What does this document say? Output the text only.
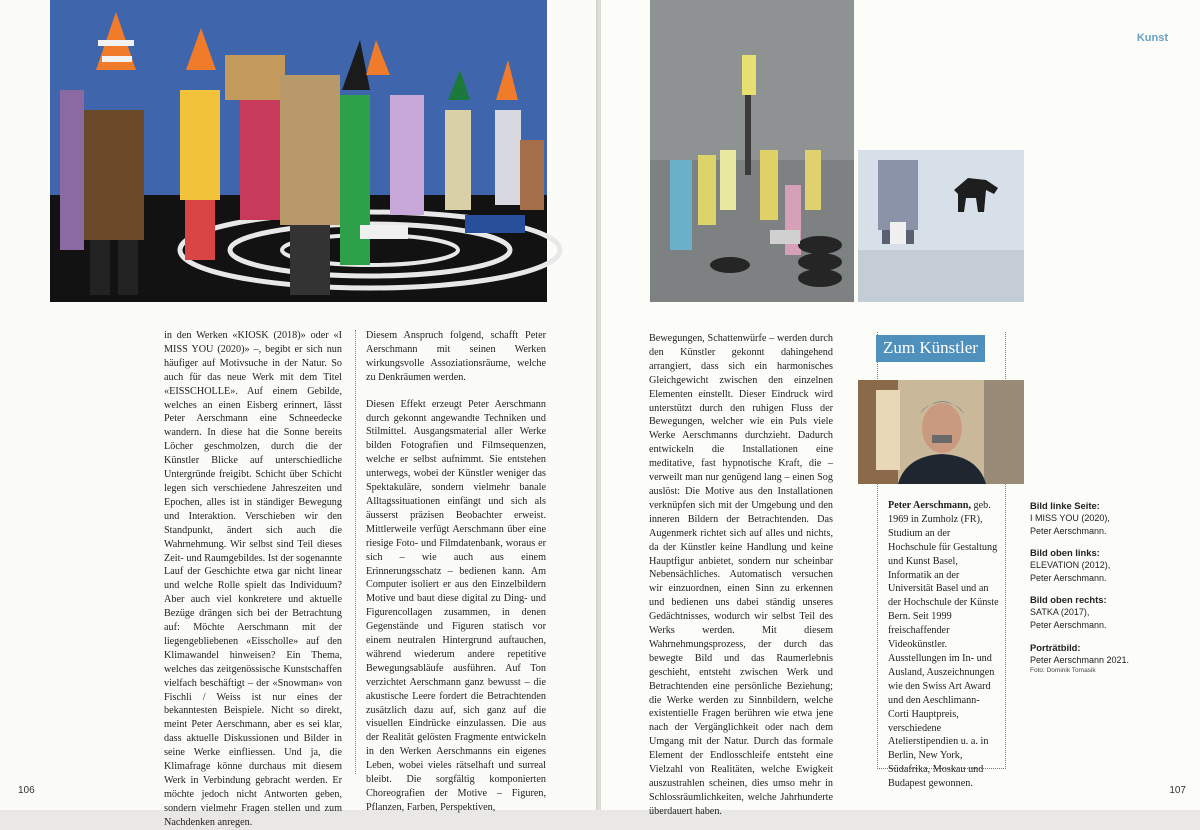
in den Werken «KIOSK (2018)» oder «I MISS YOU (2020)» –, begibt er sich nun häufiger auf Motivsuche in der Natur. So auch für das neue Werk mit dem Titel «EISSCHOLLE». Auf einem Gebilde, welches an einen Eisberg erinnert, lässt Peter Aerschmann eine Schneedecke wandern. In diese hat die Sonne bereits Löcher geschmolzen, durch die der Künstler Blicke auf unterschiedliche Untergründe freigibt. Schicht über Schicht legen sich verschiedene Jahreszeiten und Epochen, alles ist in ständiger Bewegung und Interaktion. Verschieben wir den Standpunkt, ändert sich auch die Wahrnehmung. Wir selbst sind Teil dieses Zeit- und Raumgebildes. Ist der sogenannte Lauf der Geschichte etwa gar nicht linear und welche Rolle spielt das Individuum? Aber auch viel konkretere und aktuelle Bezüge drängen sich bei der Betrachtung auf: Möchte Aerschmann mit der liegengebliebenen «Eisscholle» auf den Klimawandel hinweisen? Ein Thema, welches das zeitgenössische Kunstschaffen vielfach beschäftigt – der «Snowman» von Fischli / Weiss ist nur eines der bekanntesten Beispiele. Nicht so direkt, meint Peter Aerschmann, aber es sei klar, dass aktuelle Diskussionen und Bilder in seine Werke einfliessen. Und ja, die Klimafrage könne durchaus mit diesem Werk in Verbindung gebracht werden. Er möchte jedoch nicht Antworten geben, sondern vielmehr Fragen stellen und zum Nachdenken anregen.

Diesem Anspruch folgend, schafft Peter Aerschmann mit seinen Werken wirkungsvolle Assoziationsräume, welche zu Denkräumen werden.

Diesen Effekt erzeugt Peter Aerschmann durch gekonnt angewandte Techniken und Stilmittel. Ausgangsmaterial aller Werke bilden Fotografien und Filmsequenzen, welche er selbst aufnimmt. Sie entstehen unterwegs, wobei der Künstler weniger das Spektakuläre, sondern vielmehr banale Alltagssituationen einfängt und sich als äusserst präzisen Beobachter erweist. Mittlerweile verfügt Aerschmann über eine riesige Foto- und Filmdatenbank, woraus er sich – wie auch aus einem Erinnerungsschatz – bedienen kann. Am Computer isoliert er aus den Einzelbildern Motive und baut diese digital zu Ding- und Figurencollagen zusammen, in denen Gegenstände und Figuren statisch vor einem neutralen Hintergrund auftauchen, während wiederum andere repetitive Bewegungsabläufe ausführen. Auf Ton verzichtet Aerschmann ganz bewusst – die akustische Leere fordert die Betrachtenden zusätzlich dazu auf, sich ganz auf die visuellen Eindrücke einzulassen. Die aus der Realität gelösten Fragmente entwickeln in den Werken Aerschmanns ein eigenes Leben, wobei vieles rätselhaft und surreal bleibt. Die sorgfältig komponierten Choreografien der Motive – Figuren, Pflanzen, Farben, Perspektiven,

106
Kunst

Bewegungen, Schattenwürfe – werden durch den Künstler gekonnt dahingehend arrangiert, dass sich ein harmonisches Gleichgewicht zwischen den einzelnen Elementen einstellt. Dieser Eindruck wird unterstützt durch den ruhigen Fluss der Bewegungen, welcher wie ein Puls viele Werke Aerschmanns durchzieht. Dadurch entwickeln die Installationen eine meditative, fast hypnotische Kraft, die – verweilt man nur genügend lang – einen Sog auslöst: Die Motive aus den Installationen verknüpfen sich mit der Umgebung und den inneren Bildern der Betrachtenden. Das Augenmerk richtet sich auf alles und nichts, da der Künstler keine Handlung und keine Hauptfigur anbietet, sondern nur scheinbar Nebensächliches. Automatisch versuchen wir einzuordnen, einen Sinn zu erkennen und bedienen uns dabei ständig unseres Gedächtnisses, wodurch wir selbst Teil des Werks werden. Mit diesem Wahrnehmungsprozess, der durch das bewegte Bild und das Raumerlebnis geschieht, entsteht zwischen Werk und Betrachtenden eine persönliche Beziehung; die Werke werden zu Sinnbildern, welche existentielle Fragen berühren wie etwa jene nach der Vergänglichkeit oder nach dem Umgang mit der Natur. Durch das formale Element der Endlosschleife entsteht eine Vielzahl von Realitäten, welche Ewigkeit auszustrahlen scheinen, dies umso mehr in Schlossräumlichkeiten, welche Jahrhunderte überdauert haben.

Zum Künstler
Peter Aerschmann, geb. 1969 in Zumholz (FR), Studium an der Hochschule für Gestaltung und Kunst Basel, Informatik an der Universität Basel und an der Hochschule der Künste Bern. Seit 1999 freischaffender Videokünstler. Ausstellungen im In- und Ausland, Auszeichnungen wie den Swiss Art Award und den Aeschlimann-Corti Hauptpreis, verschiedene Atelierstipendien u. a. in Berlin, New York, Südafrika, Moskau und Budapest gewonnen.
Bild linke Seite:
I MISS YOU (2020),
Peter Aerschmann.
Bild oben links:
ELEVATION (2012),
Peter Aerschmann.
Bild oben rechts:
SATKA (2017),
Peter Aerschmann.
Porträtbild:
Peter Aerschmann 2021.
Foto: Dominik Tomasik
107
